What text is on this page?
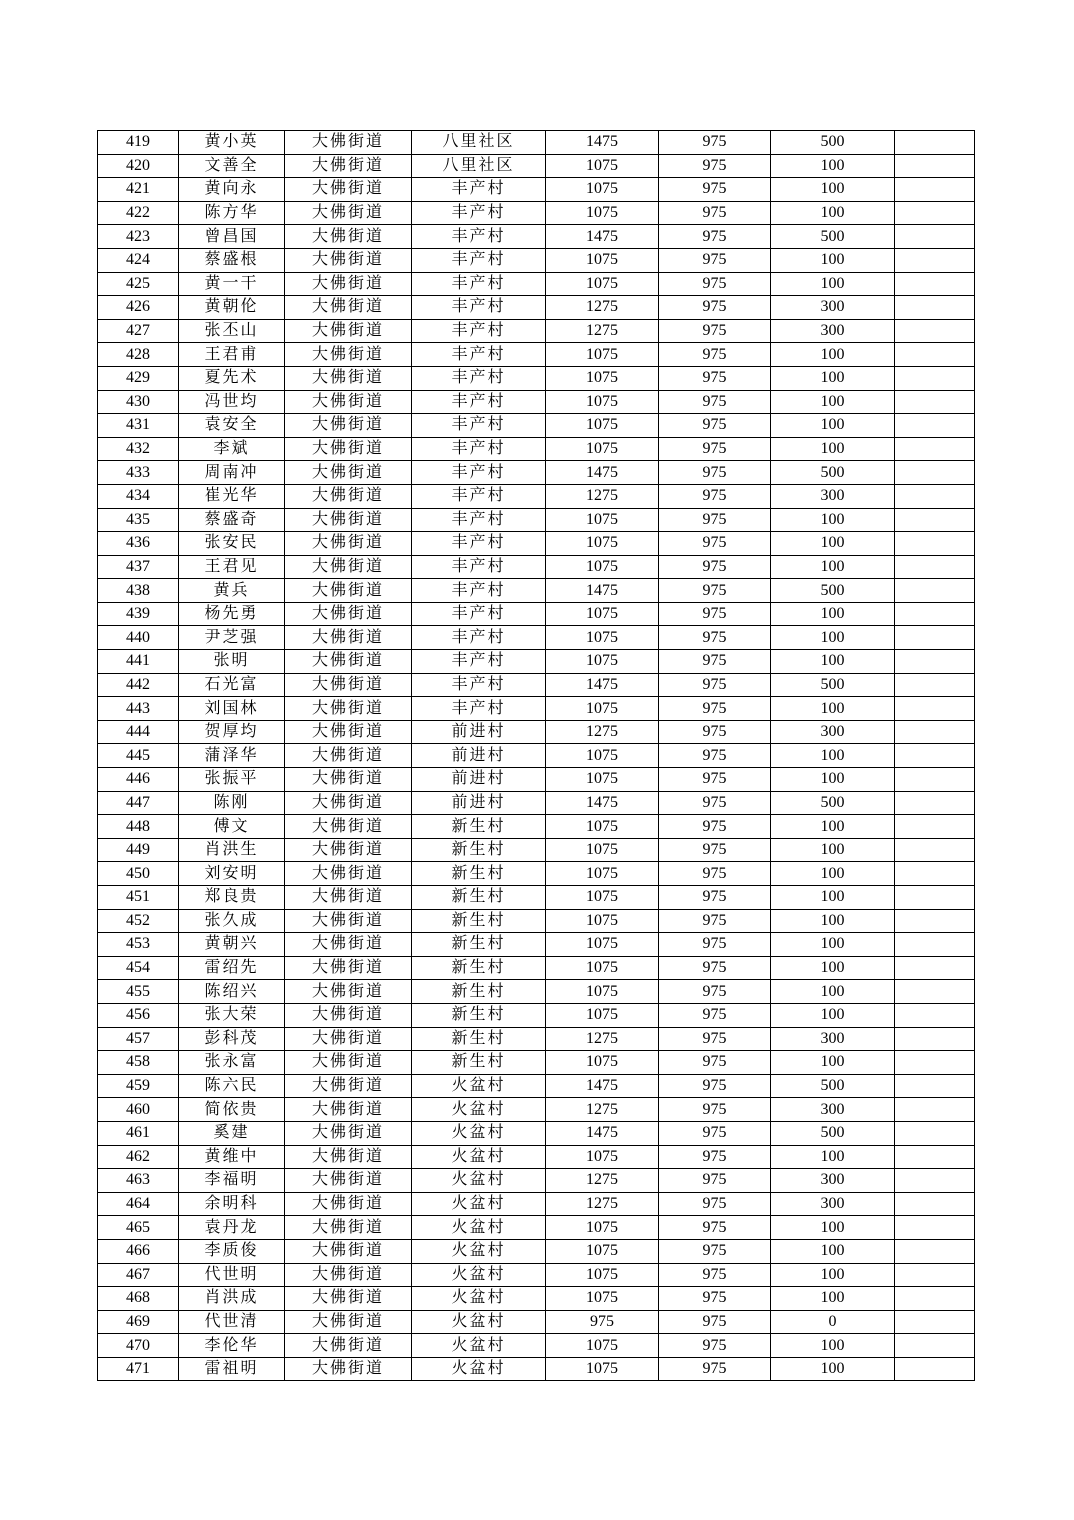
419	黄小英	大佛街道	八里社区	1475	975	500	
420	文善全	大佛街道	八里社区	1075	975	100	
421	黄向永	大佛街道	丰产村	1075	975	100	
422	陈方华	大佛街道	丰产村	1075	975	100	
423	曾昌国	大佛街道	丰产村	1475	975	500	
424	蔡盛根	大佛街道	丰产村	1075	975	100	
425	黄一干	大佛街道	丰产村	1075	975	100	
426	黄朝伦	大佛街道	丰产村	1275	975	300	
427	张丕山	大佛街道	丰产村	1275	975	300	
428	王君甫	大佛街道	丰产村	1075	975	100	
429	夏先术	大佛街道	丰产村	1075	975	100	
430	冯世均	大佛街道	丰产村	1075	975	100	
431	袁安全	大佛街道	丰产村	1075	975	100	
432	李斌	大佛街道	丰产村	1075	975	100	
433	周南冲	大佛街道	丰产村	1475	975	500	
434	崔光华	大佛街道	丰产村	1275	975	300	
435	蔡盛奇	大佛街道	丰产村	1075	975	100	
436	张安民	大佛街道	丰产村	1075	975	100	
437	王君见	大佛街道	丰产村	1075	975	100	
438	黄兵	大佛街道	丰产村	1475	975	500	
439	杨先勇	大佛街道	丰产村	1075	975	100	
440	尹芝强	大佛街道	丰产村	1075	975	100	
441	张明	大佛街道	丰产村	1075	975	100	
442	石光富	大佛街道	丰产村	1475	975	500	
443	刘国林	大佛街道	丰产村	1075	975	100	
444	贺厚均	大佛街道	前进村	1275	975	300	
445	蒲泽华	大佛街道	前进村	1075	975	100	
446	张振平	大佛街道	前进村	1075	975	100	
447	陈刚	大佛街道	前进村	1475	975	500	
448	傅文	大佛街道	新生村	1075	975	100	
449	肖洪生	大佛街道	新生村	1075	975	100	
450	刘安明	大佛街道	新生村	1075	975	100	
451	郑良贵	大佛街道	新生村	1075	975	100	
452	张久成	大佛街道	新生村	1075	975	100	
453	黄朝兴	大佛街道	新生村	1075	975	100	
454	雷绍先	大佛街道	新生村	1075	975	100	
455	陈绍兴	大佛街道	新生村	1075	975	100	
456	张大荣	大佛街道	新生村	1075	975	100	
457	彭科茂	大佛街道	新生村	1275	975	300	
458	张永富	大佛街道	新生村	1075	975	100	
459	陈六民	大佛街道	火盆村	1475	975	500	
460	简依贵	大佛街道	火盆村	1275	975	300	
461	奚建	大佛街道	火盆村	1475	975	500	
462	黄维中	大佛街道	火盆村	1075	975	100	
463	李福明	大佛街道	火盆村	1275	975	300	
464	余明科	大佛街道	火盆村	1275	975	300	
465	袁丹龙	大佛街道	火盆村	1075	975	100	
466	李质俊	大佛街道	火盆村	1075	975	100	
467	代世明	大佛街道	火盆村	1075	975	100	
468	肖洪成	大佛街道	火盆村	1075	975	100	
469	代世清	大佛街道	火盆村	975	975	0	
470	李伦华	大佛街道	火盆村	1075	975	100	
471	雷祖明	大佛街道	火盆村	1075	975	100	
